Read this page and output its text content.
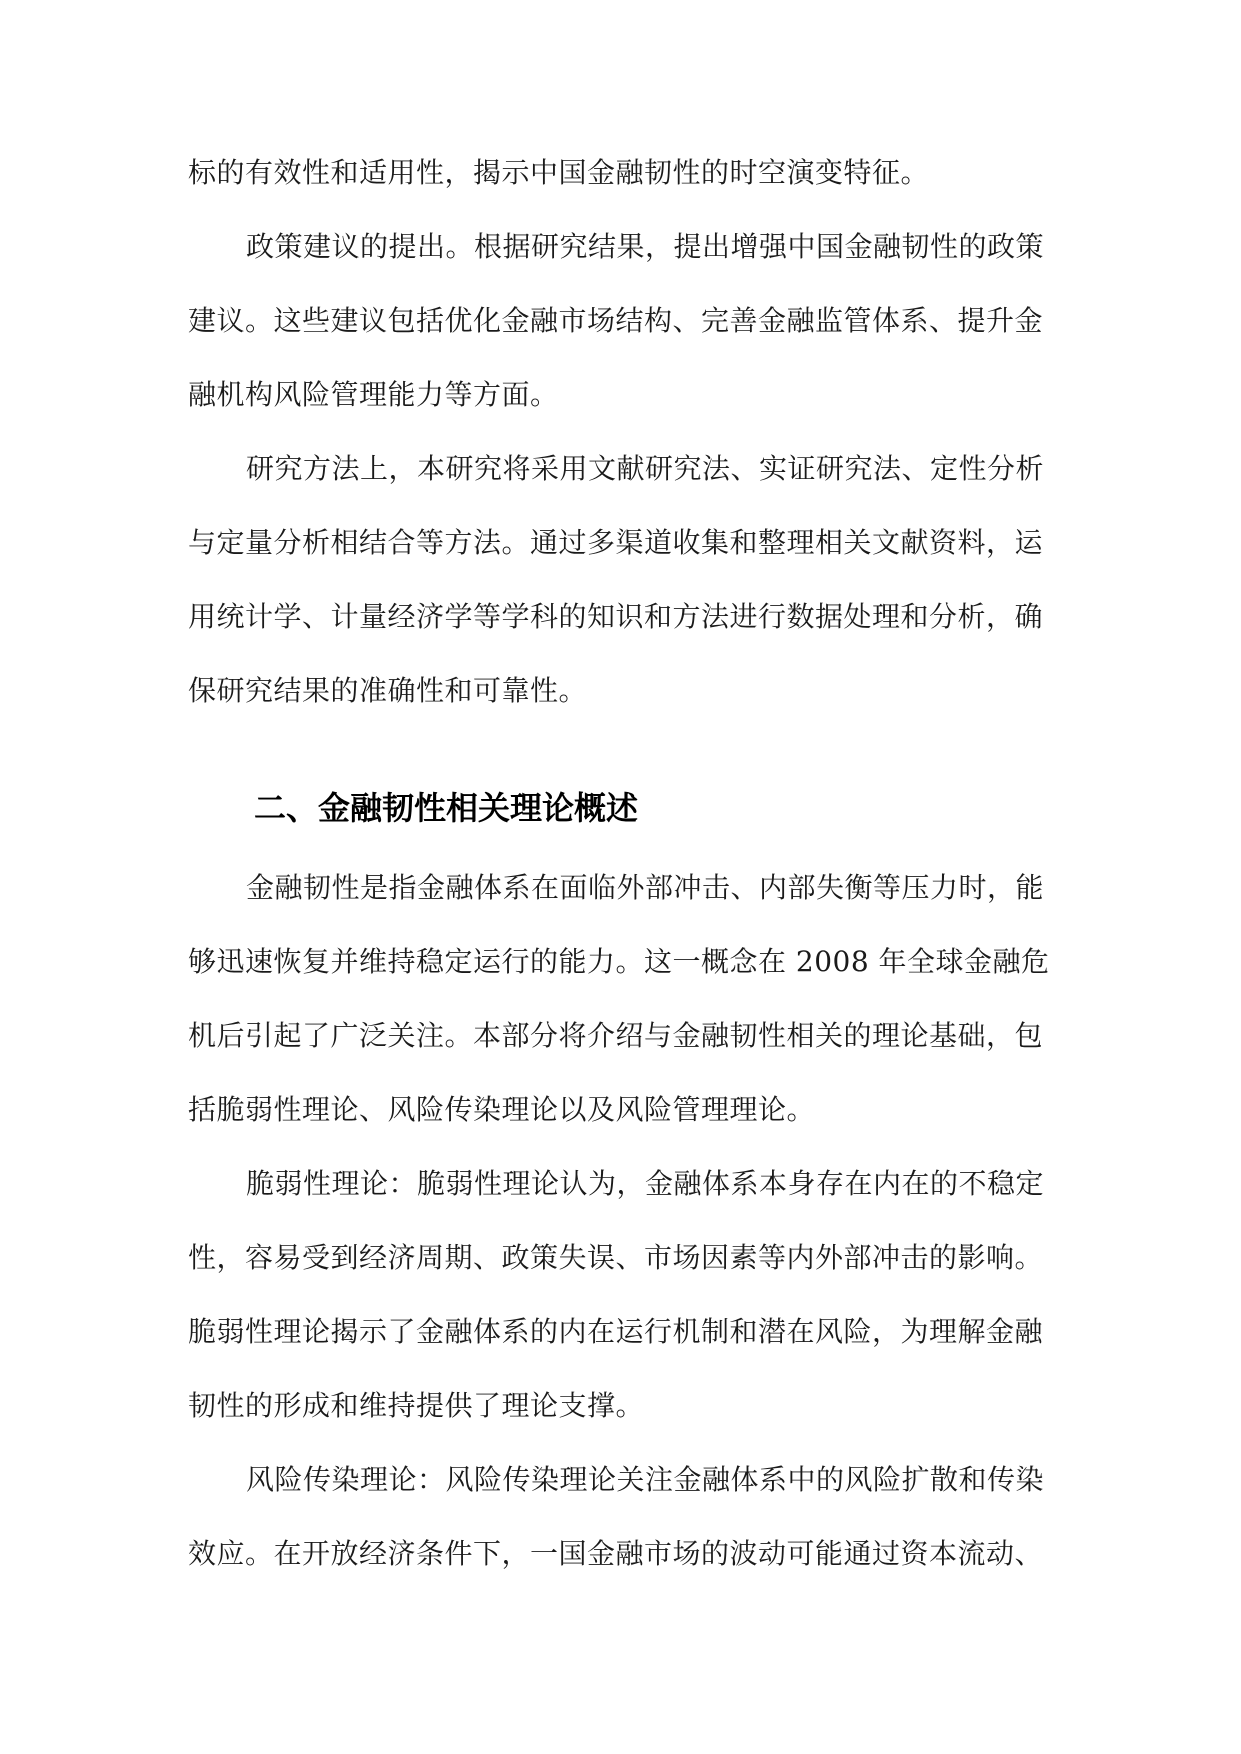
标的有效性和适用性，揭示中国金融韧性的时空演变特征。
政策建议的提出。根据研究结果，提出增强中国金融韧性的政策
建议。这些建议包括优化金融市场结构、完善金融监管体系、提升金
融机构风险管理能力等方面。
研究方法上，本研究将采用文献研究法、实证研究法、定性分析
与定量分析相结合等方法。通过多渠道收集和整理相关文献资料，运
用统计学、计量经济学等学科的知识和方法进行数据处理和分析，确
保研究结果的准确性和可靠性。
二、金融韧性相关理论概述
金融韧性是指金融体系在面临外部冲击、内部失衡等压力时，能
够迅速恢复并维持稳定运行的能力。这一概念在 2008 年全球金融危
机后引起了广泛关注。本部分将介绍与金融韧性相关的理论基础，包
括脆弱性理论、风险传染理论以及风险管理理论。
脆弱性理论：脆弱性理论认为，金融体系本身存在内在的不稳定
性，容易受到经济周期、政策失误、市场因素等内外部冲击的影响。
脆弱性理论揭示了金融体系的内在运行机制和潜在风险，为理解金融
韧性的形成和维持提供了理论支撑。
风险传染理论：风险传染理论关注金融体系中的风险扩散和传染
效应。在开放经济条件下，一国金融市场的波动可能通过资本流动、
